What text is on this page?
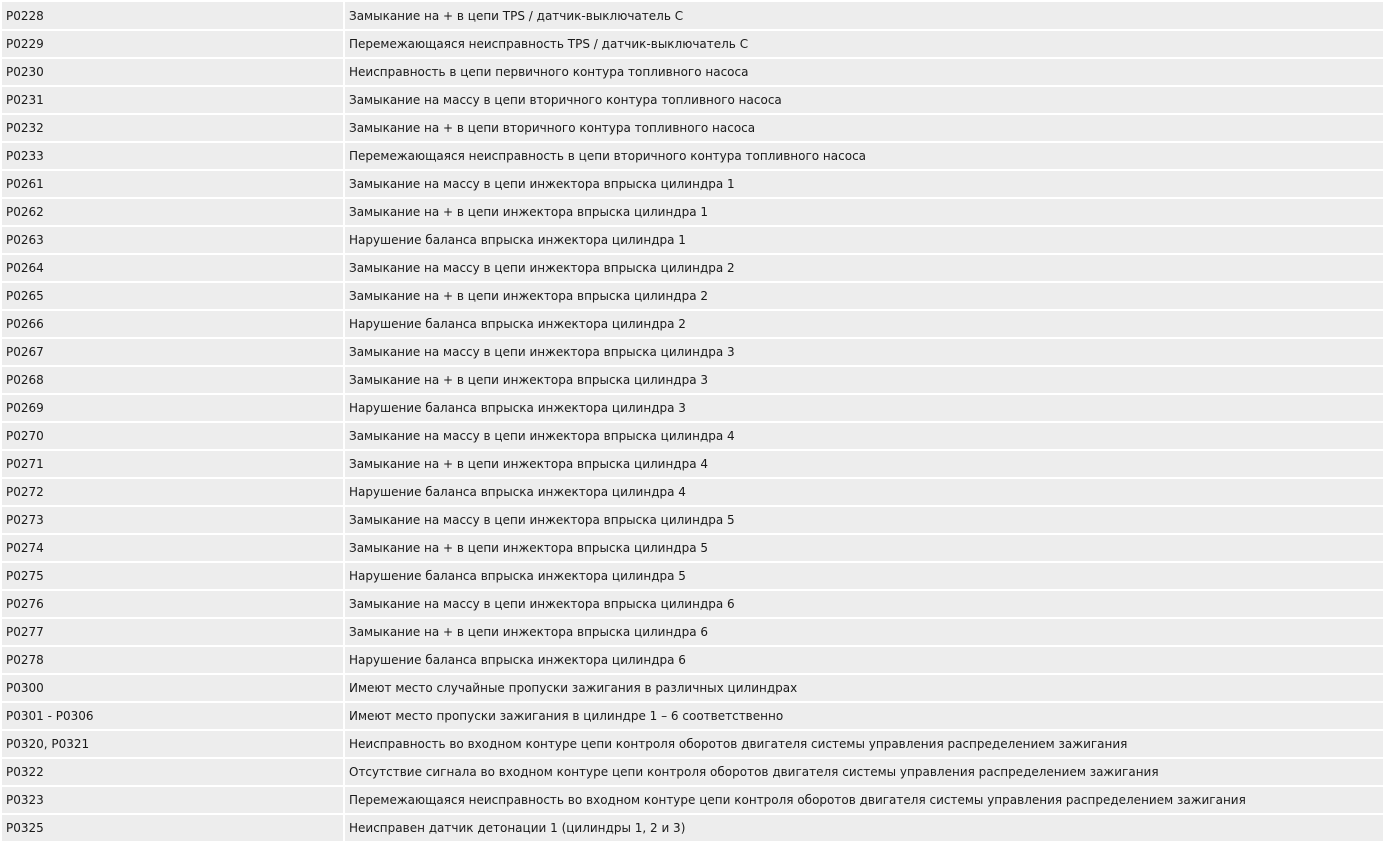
P0228	Замыкание на + в цепи TPS / датчик-выключатель C
P0229	Перемежающаяся неисправность TPS / датчик-выключатель C
P0230	Неисправность в цепи первичного контура топливного насоса
P0231	Замыкание на массу в цепи вторичного контура топливного насоса
P0232	Замыкание на + в цепи вторичного контура топливного насоса
P0233	Перемежающаяся неисправность в цепи вторичного контура топливного насоса
P0261	Замыкание на массу в цепи инжектора впрыска цилиндра 1
P0262	Замыкание на + в цепи инжектора впрыска цилиндра 1
P0263	Нарушение баланса впрыска инжектора цилиндра 1
P0264	Замыкание на массу в цепи инжектора впрыска цилиндра 2
P0265	Замыкание на + в цепи инжектора впрыска цилиндра 2
P0266	Нарушение баланса впрыска инжектора цилиндра 2
P0267	Замыкание на массу в цепи инжектора впрыска цилиндра 3
P0268	Замыкание на + в цепи инжектора впрыска цилиндра 3
P0269	Нарушение баланса впрыска инжектора цилиндра 3
P0270	Замыкание на массу в цепи инжектора впрыска цилиндра 4
P0271	Замыкание на + в цепи инжектора впрыска цилиндра 4
P0272	Нарушение баланса впрыска инжектора цилиндра 4
P0273	Замыкание на массу в цепи инжектора впрыска цилиндра 5
P0274	Замыкание на + в цепи инжектора впрыска цилиндра 5
P0275	Нарушение баланса впрыска инжектора цилиндра 5
P0276	Замыкание на массу в цепи инжектора впрыска цилиндра 6
P0277	Замыкание на + в цепи инжектора впрыска цилиндра 6
P0278	Нарушение баланса впрыска инжектора цилиндра 6
P0300	Имеют место случайные пропуски зажигания в различных цилиндрах
P0301 - P0306	Имеют место пропуски зажигания в цилиндре 1 – 6 соответственно
P0320, P0321	Неисправность во входном контуре цепи контроля оборотов двигателя системы управления распределением зажигания
P0322	Отсутствие сигнала во входном контуре цепи контроля оборотов двигателя системы управления распределением зажигания
P0323	Перемежающаяся неисправность во входном контуре цепи контроля оборотов двигателя системы управления распределением зажигания
P0325	Неисправен датчик детонации 1 (цилиндры 1, 2 и 3)
